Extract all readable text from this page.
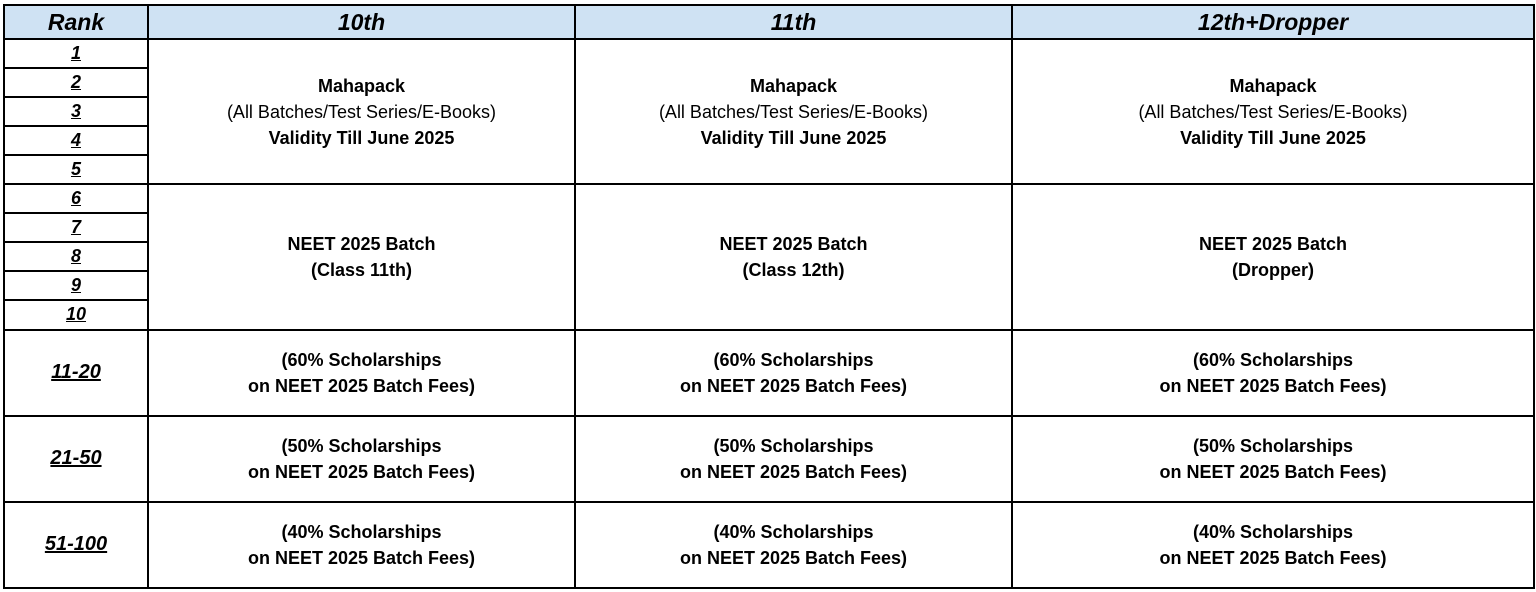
Rank	10th	11th	12th+Dropper
1	Mahapack
(All Batches/Test Series/E-Books)
Validity Till June 2025	Mahapack
(All Batches/Test Series/E-Books)
Validity Till June 2025	Mahapack
(All Batches/Test Series/E-Books)
Validity Till June 2025

2			
3			
4			
5			
6	NEET 2025 Batch
(Class 11th)	NEET 2025 Batch
(Class 12th)	NEET 2025 Batch
(Dropper)

7			
8			
9			
10			
11-20	(60% Scholarships
on NEET 2025 Batch Fees)	(60% Scholarships
on NEET 2025 Batch Fees)	(60% Scholarships
on NEET 2025 Batch Fees)

21-50	(50% Scholarships
on NEET 2025 Batch Fees)	(50% Scholarships
on NEET 2025 Batch Fees)	(50% Scholarships
on NEET 2025 Batch Fees)

51-100	(40% Scholarships
on NEET 2025 Batch Fees)	(40% Scholarships
on NEET 2025 Batch Fees)	(40% Scholarships
on NEET 2025 Batch Fees)
